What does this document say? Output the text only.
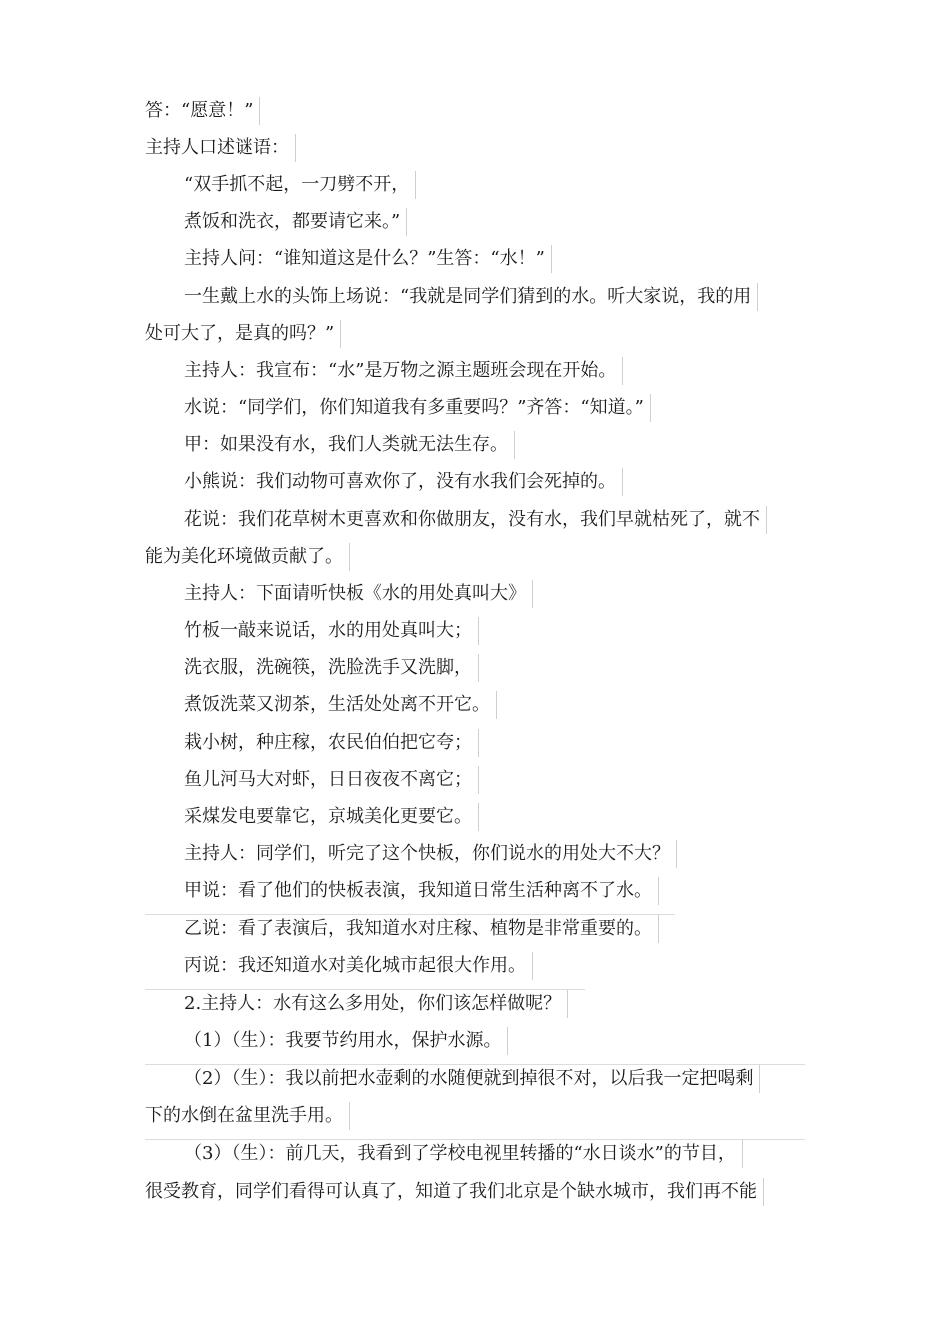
答：“愿意！”
主持人口述谜语：
“双手抓不起，一刀劈不开，
煮饭和洗衣，都要请它来。”
主持人问：“谁知道这是什么？”生答：“水！”
一生戴上水的头饰上场说：“我就是同学们猜到的水。听大家说，我的用
处可大了，是真的吗？”
主持人：我宣布：“水”是万物之源主题班会现在开始。
水说：“同学们，你们知道我有多重要吗？”齐答：“知道。”
甲：如果没有水，我们人类就无法生存。
小熊说：我们动物可喜欢你了，没有水我们会死掉的。
花说：我们花草树木更喜欢和你做朋友，没有水，我们早就枯死了，就不
能为美化环境做贡献了。
主持人：下面请听快板《水的用处真叫大》
竹板一敲来说话，水的用处真叫大；
洗衣服，洗碗筷，洗脸洗手又洗脚，
煮饭洗菜又沏茶，生活处处离不开它。
栽小树，种庄稼，农民伯伯把它夸；
鱼儿河马大对虾，日日夜夜不离它；
采煤发电要靠它，京城美化更要它。
主持人：同学们，听完了这个快板，你们说水的用处大不大？
甲说：看了他们的快板表演，我知道日常生活种离不了水。
乙说：看了表演后，我知道水对庄稼、植物是非常重要的。
丙说：我还知道水对美化城市起很大作用。
2.主持人：水有这么多用处，你们该怎样做呢？
（1）（生）：我要节约用水，保护水源。
（2）（生）：我以前把水壶剩的水随便就到掉很不对，以后我一定把喝剩
下的水倒在盆里洗手用。
（3）（生）：前几天，我看到了学校电视里转播的“水日谈水”的节目，
很受教育，同学们看得可认真了，知道了我们北京是个缺水城市，我们再不能
